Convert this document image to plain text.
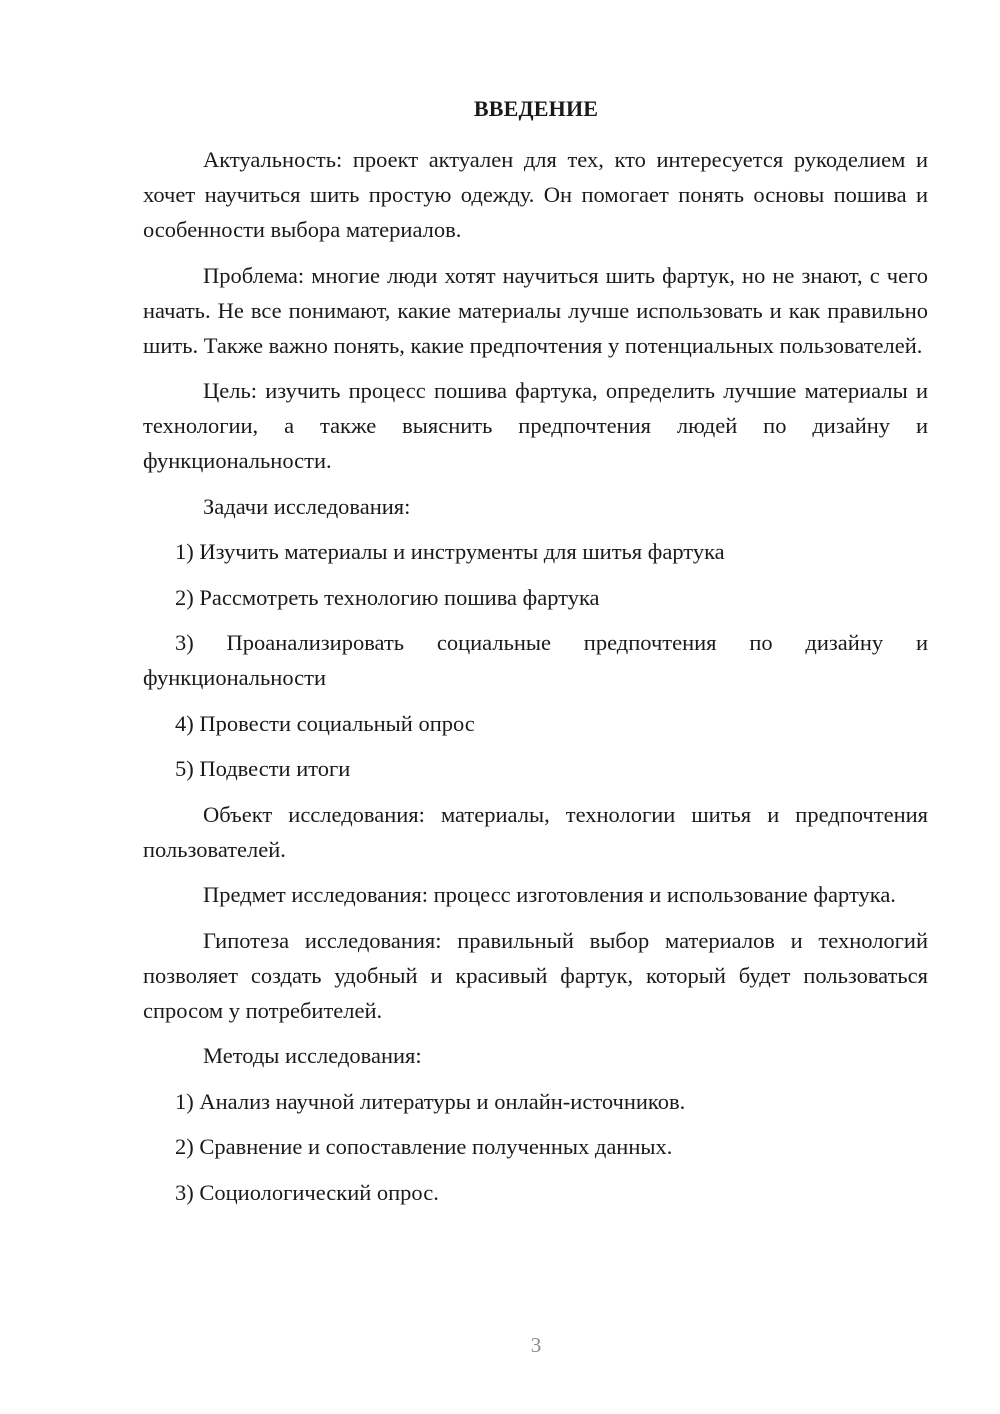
ВВЕДЕНИЕ

Актуальность: проект актуален для тех, кто интересуется рукоделием и хочет научиться шить простую одежду. Он помогает понять основы пошива и особенности выбора материалов.

Проблема: многие люди хотят научиться шить фартук, но не знают, с чего начать. Не все понимают, какие материалы лучше использовать и как правильно шить. Также важно понять, какие предпочтения у потенциальных пользователей.

Цель: изучить процесс пошива фартука, определить лучшие материалы и технологии, а также выяснить предпочтения людей по дизайну и функциональности.

Задачи исследования:

1) Изучить материалы и инструменты для шитья фартука

2) Рассмотреть технологию пошива фартука

3) Проанализировать социальные предпочтения по дизайну и функциональности

4) Провести социальный опрос

5) Подвести итоги

Объект исследования: материалы, технологии шитья и предпочтения пользователей.

Предмет исследования: процесс изготовления и использование фартука.

Гипотеза исследования: правильный выбор материалов и технологий позволяет создать удобный и красивый фартук, который будет пользоваться спросом у потребителей.

Методы исследования:

1) Анализ научной литературы и онлайн-источников.

2) Сравнение и сопоставление полученных данных.

3) Социологический опрос.

3
